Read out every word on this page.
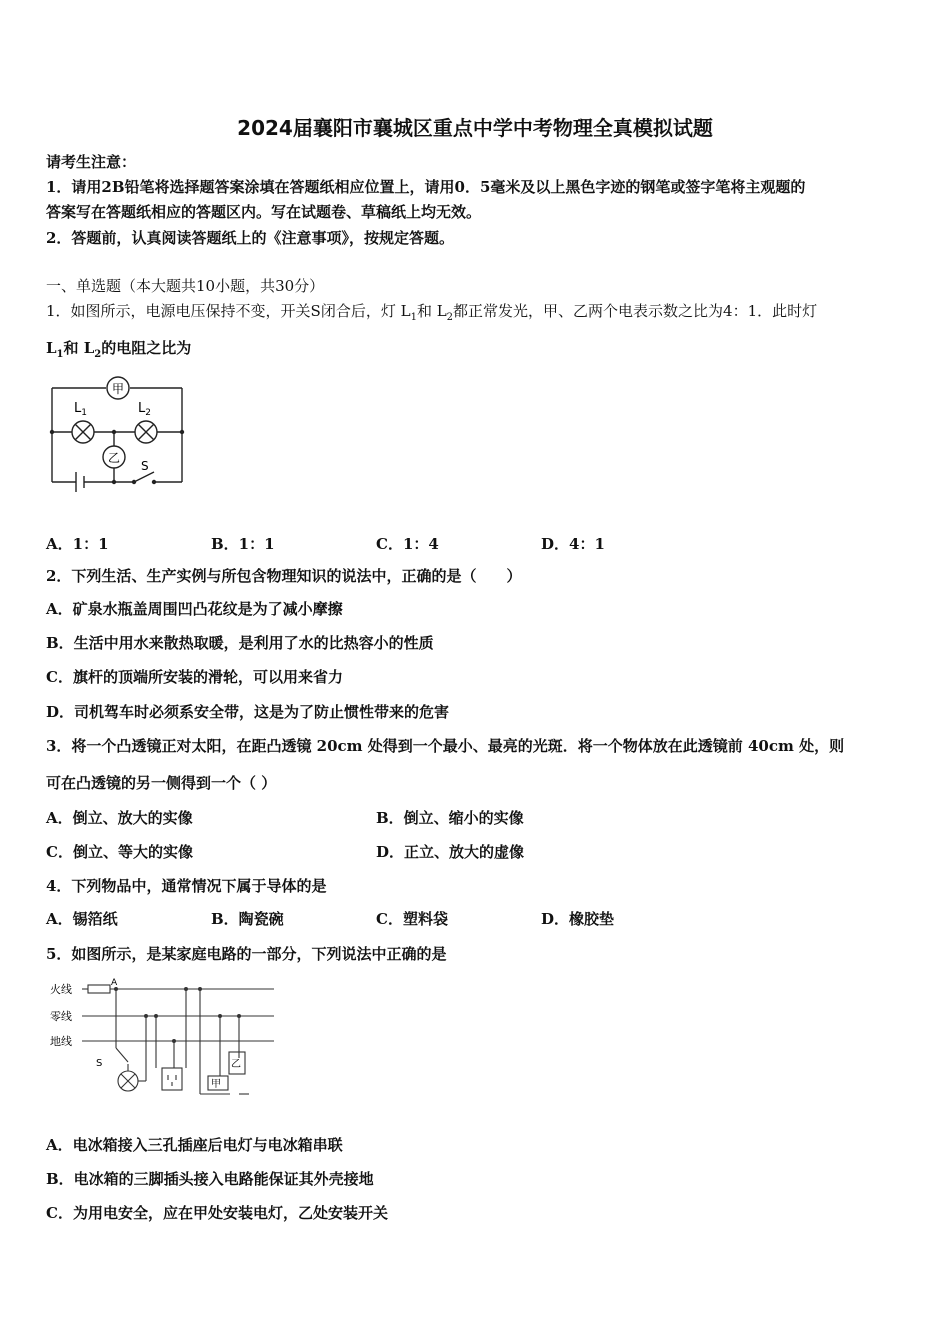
2024届襄阳市襄城区重点中学中考物理全真模拟试题
请考生注意：
1．请用2B铅笔将选择题答案涂填在答题纸相应位置上，请用0．5毫米及以上黑色字迹的钢笔或签字笔将主观题的
答案写在答题纸相应的答题区内。写在试题卷、草稿纸上均无效。
2．答题前，认真阅读答题纸上的《注意事项》，按规定答题。
一、单选题（本大题共10小题，共30分）
1．如图所示，电源电压保持不变，开关S闭合后，灯 $L_1$和 $L_2$都正常发光，甲、乙两个电表示数之比为4：1．此时灯
$L_1$和 $L_2$的电阻之比为
甲
乙
$L_1$	$L_2$
S
A．1：1	B．1：1	C．1：4	D．4：1
2．下列生活、生产实例与所包含物理知识的说法中，正确的是（　　）
A．矿泉水瓶盖周围凹凸花纹是为了减小摩擦
B．生活中用水来散热取暖，是利用了水的比热容小的性质
C．旗杆的顶端所安装的滑轮，可以用来省力
D．司机驾车时必须系安全带，这是为了防止惯性带来的危害
3．将一个凸透镜正对太阳，在距凸透镜 20cm 处得到一个最小、最亮的光斑．将一个物体放在此透镜前 40cm 处，则
可在凸透镜的另一侧得到一个（ ）
A．倒立、放大的实像	B．倒立、缩小的实像
C．倒立、等大的实像	D．正立、放大的虚像
4．下列物品中，通常情况下属于导体的是
A．锡箔纸	B．陶瓷碗	C．塑料袋	D．橡胶垫
5．如图所示，是某家庭电路的一部分，下列说法中正确的是
火线
零线
地线
A
S
甲
乙
A．电冰箱接入三孔插座后电灯与电冰箱串联
B．电冰箱的三脚插头接入电路能保证其外壳接地
C．为用电安全，应在甲处安装电灯，乙处安装开关
